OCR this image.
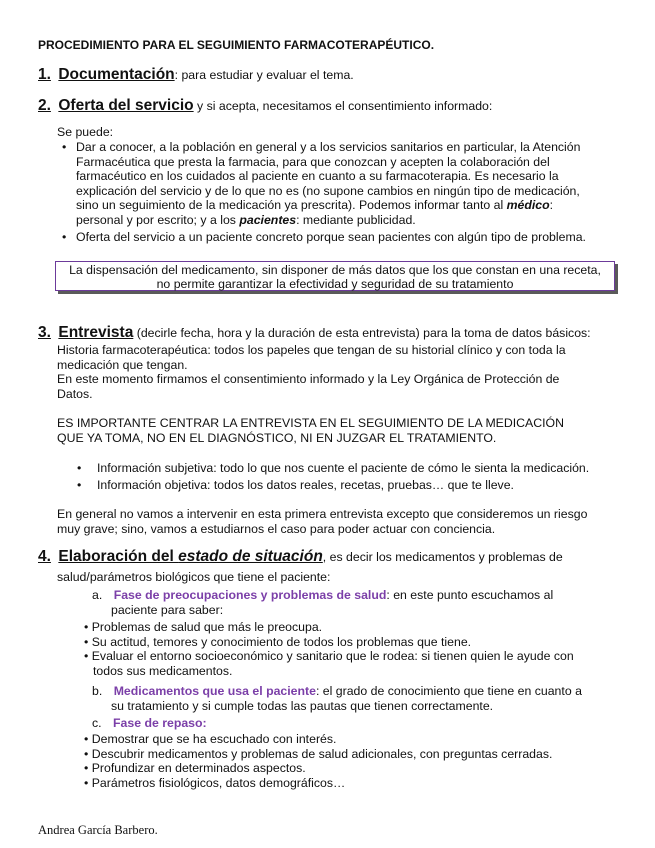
PROCEDIMIENTO PARA EL SEGUIMIENTO FARMACOTERAPÉUTICO.
1. Documentación: para estudiar y evaluar el tema.
2. Oferta del servicio y si acepta, necesitamos el consentimiento informado:
Se puede:
• Dar a conocer, a la población en general y a los servicios sanitarios en particular, la Atención
Farmacéutica que presta la farmacia, para que conozcan y acepten la colaboración del
farmacéutico en los cuidados al paciente en cuanto a su farmacoterapia. Es necesario la
explicación del servicio y de lo que no es (no supone cambios en ningún tipo de medicación,
sino un seguimiento de la medicación ya prescrita). Podemos informar tanto al médico:
personal y por escrito; y a los pacientes: mediante publicidad.
• Oferta del servicio a un paciente concreto porque sean pacientes con algún tipo de problema.
La dispensación del medicamento, sin disponer de más datos que los que constan en una receta,
no permite garantizar la efectividad y seguridad de su tratamiento
3. Entrevista (decirle fecha, hora y la duración de esta entrevista) para la toma de datos básicos:
Historia farmacoterapéutica: todos los papeles que tengan de su historial clínico y con toda la
medicación que tengan.
En este momento firmamos el consentimiento informado y la Ley Orgánica de Protección de
Datos.
ES IMPORTANTE CENTRAR LA ENTREVISTA EN EL SEGUIMIENTO DE LA MEDICACIÓN
QUE YA TOMA, NO EN EL DIAGNÓSTICO, NI EN JUZGAR EL TRATAMIENTO.
• Información subjetiva: todo lo que nos cuente el paciente de cómo le sienta la medicación.
• Información objetiva: todos los datos reales, recetas, pruebas… que te lleve.
En general no vamos a intervenir en esta primera entrevista excepto que consideremos un riesgo
muy grave; sino, vamos a estudiarnos el caso para poder actuar con conciencia.
4. Elaboración del estado de situación, es decir los medicamentos y problemas de
salud/parámetros biológicos que tiene el paciente:
a. Fase de preocupaciones y problemas de salud: en este punto escuchamos al
paciente para saber:
• Problemas de salud que más le preocupa.
• Su actitud, temores y conocimiento de todos los problemas que tiene.
• Evaluar el entorno socioeconómico y sanitario que le rodea: si tienen quien le ayude con
todos sus medicamentos.
b. Medicamentos que usa el paciente: el grado de conocimiento que tiene en cuanto a
su tratamiento y si cumple todas las pautas que tienen correctamente.
c. Fase de repaso:
• Demostrar que se ha escuchado con interés.
• Descubrir medicamentos y problemas de salud adicionales, con preguntas cerradas.
• Profundizar en determinados aspectos.
• Parámetros fisiológicos, datos demográficos…
Andrea García Barbero.
